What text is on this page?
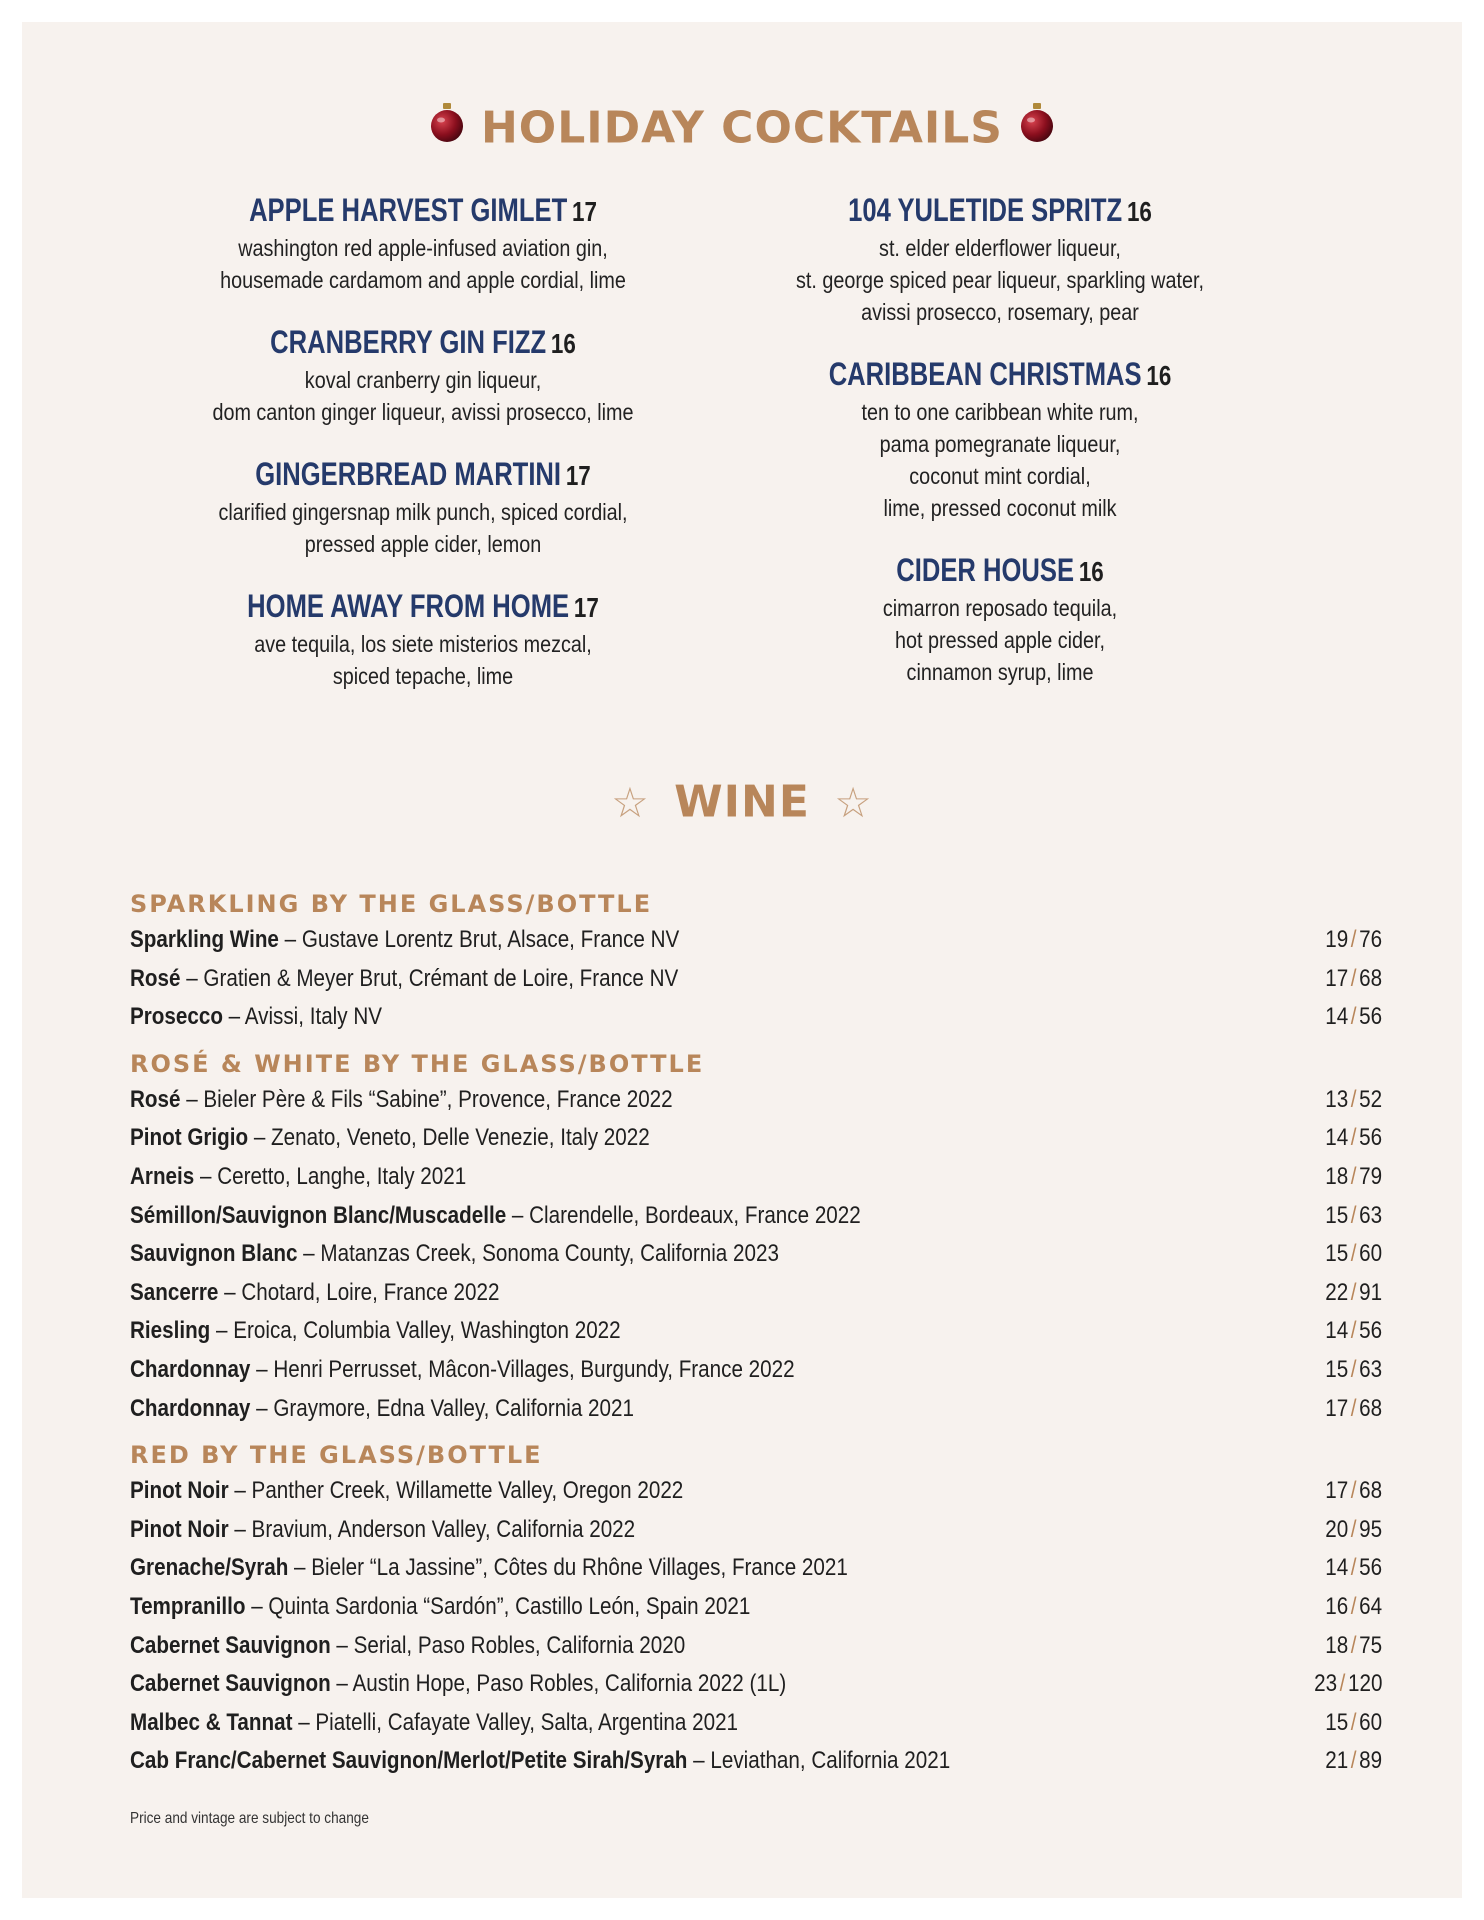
HOLIDAY COCKTAILS
APPLE HARVEST GIMLET 17
washington red apple-infused aviation gin,
housemade cardamom and apple cordial, lime
CRANBERRY GIN FIZZ 16
koval cranberry gin liqueur,
dom canton ginger liqueur, avissi prosecco, lime
GINGERBREAD MARTINI 17
clarified gingersnap milk punch, spiced cordial,
pressed apple cider, lemon
HOME AWAY FROM HOME 17
ave tequila, los siete misterios mezcal,
spiced tepache, lime
104 YULETIDE SPRITZ 16
st. elder elderflower liqueur,
st. george spiced pear liqueur, sparkling water,
avissi prosecco, rosemary, pear
CARIBBEAN CHRISTMAS 16
ten to one caribbean white rum,
pama pomegranate liqueur,
coconut mint cordial,
lime, pressed coconut milk
CIDER HOUSE 16
cimarron reposado tequila,
hot pressed apple cider,
cinnamon syrup, lime
☆ WINE ☆
SPARKLING BY THE GLASS/BOTTLE
Sparkling Wine – Gustave Lorentz Brut, Alsace, France NV	19 / 76
Rosé – Gratien & Meyer Brut, Crémant de Loire, France NV	17 / 68
Prosecco – Avissi, Italy NV	14 / 56
ROSÉ & WHITE BY THE GLASS/BOTTLE
Rosé – Bieler Père & Fils “Sabine”, Provence, France 2022	13 / 52
Pinot Grigio – Zenato, Veneto, Delle Venezie, Italy 2022	14 / 56
Arneis – Ceretto, Langhe, Italy 2021	18 / 79
Sémillon/Sauvignon Blanc/Muscadelle – Clarendelle, Bordeaux, France 2022	15 / 63
Sauvignon Blanc – Matanzas Creek, Sonoma County, California 2023	15 / 60
Sancerre – Chotard, Loire, France 2022	22 / 91
Riesling – Eroica, Columbia Valley, Washington 2022	14 / 56
Chardonnay – Henri Perrusset, Mâcon-Villages, Burgundy, France 2022	15 / 63
Chardonnay – Graymore, Edna Valley, California 2021	17 / 68
RED BY THE GLASS/BOTTLE
Pinot Noir – Panther Creek, Willamette Valley, Oregon 2022	17 / 68
Pinot Noir – Bravium, Anderson Valley, California 2022	20 / 95
Grenache/Syrah – Bieler “La Jassine”, Côtes du Rhône Villages, France 2021	14 / 56
Tempranillo – Quinta Sardonia “Sardón”, Castillo León, Spain 2021	16 / 64
Cabernet Sauvignon – Serial, Paso Robles, California 2020	18 / 75
Cabernet Sauvignon – Austin Hope, Paso Robles, California 2022 (1L)	23 / 120
Malbec & Tannat – Piatelli, Cafayate Valley, Salta, Argentina 2021	15 / 60
Cab Franc/Cabernet Sauvignon/Merlot/Petite Sirah/Syrah – Leviathan, California 2021	21 / 89
Price and vintage are subject to change
